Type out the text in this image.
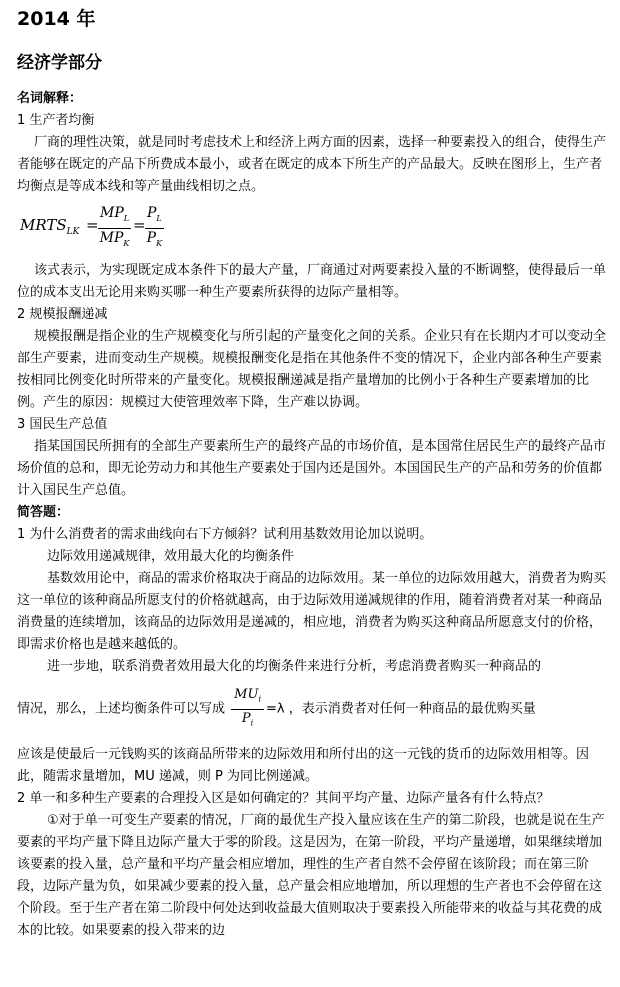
2014 年
经济学部分

名词解释：

1 生产者均衡

厂商的理性决策，就是同时考虑技术上和经济上两方面的因素，选择一种要素投入的组合，使得生产者能够在既定的产品下所费成本最小，或者在既定的成本下所生产的产品最大。反映在图形上，生产者均衡点是等成本线和等产量曲线相切之点。

$MRTS_{LK}$ =
$MP_L$
$MP_K$
= $\frac{P_L}{P_K}$

该式表示，为实现既定成本条件下的最大产量，厂商通过对两要素投入量的不断调整，使得最后一单位的成本支出无论用来购买哪一种生产要素所获得的边际产量相等。

2 规模报酬递减

规模报酬是指企业的生产规模变化与所引起的产量变化之间的关系。企业只有在长期内才可以变动全部生产要素，进而变动生产规模。规模报酬变化是指在其他条件不变的情况下，企业内部各种生产要素按相同比例变化时所带来的产量变化。规模报酬递减是指产量增加的比例小于各种生产要素增加的比例。产生的原因：规模过大使管理效率下降，生产难以协调。

3 国民生产总值

指某国国民所拥有的全部生产要素所生产的最终产品的市场价值，是本国常住居民生产的最终产品市场价值的总和，即无论劳动力和其他生产要素处于国内还是国外。本国国民生产的产品和劳务的价值都计入国民生产总值。

简答题：

1 为什么消费者的需求曲线向右下方倾斜？试利用基数效用论加以说明。

边际效用递减规律，效用最大化的均衡条件

基数效用论中，商品的需求价格取决于商品的边际效用。某一单位的边际效用越大，消费者为购买这一单位的该种商品所愿支付的价格就越高，由于边际效用递减规律的作用，随着消费者对某一种商品消费量的连续增加，该商品的边际效用是递减的，相应地，消费者为购买这种商品所愿意支付的价格，即需求价格也是越来越低的。

进一步地，联系消费者效用最大化的均衡条件来进行分析，考虑消费者购买一种商品的

情况，那么，上述均衡条件可以写成 $\frac{MU_i}{P_i} =\lambda$ ，表示消费者对任何一种商品的最优购买量

应该是使最后一元钱购买的该商品所带来的边际效用和所付出的这一元钱的货币的边际效用相等。因此，随需求量增加，MU 递减，则 P 为同比例递减。

2 单一和多种生产要素的合理投入区是如何确定的？其间平均产量、边际产量各有什么特点？

①对于单一可变生产要素的情况，厂商的最优生产投入量应该在生产的第二阶段，也就是说在生产要素的平均产量下降且边际产量大于零的阶段。这是因为，在第一阶段，平均产量递增，如果继续增加该要素的投入量，总产量和平均产量会相应增加，理性的生产者自然不会停留在该阶段；而在第三阶段，边际产量为负，如果减少要素的投入量，总产量会相应地增加，所以理想的生产者也不会停留在这个阶段。至于生产者在第二阶段中何处达到收益最大值则取决于要素投入所能带来的收益与其花费的成本的比较。如果要素的投入带来的边
